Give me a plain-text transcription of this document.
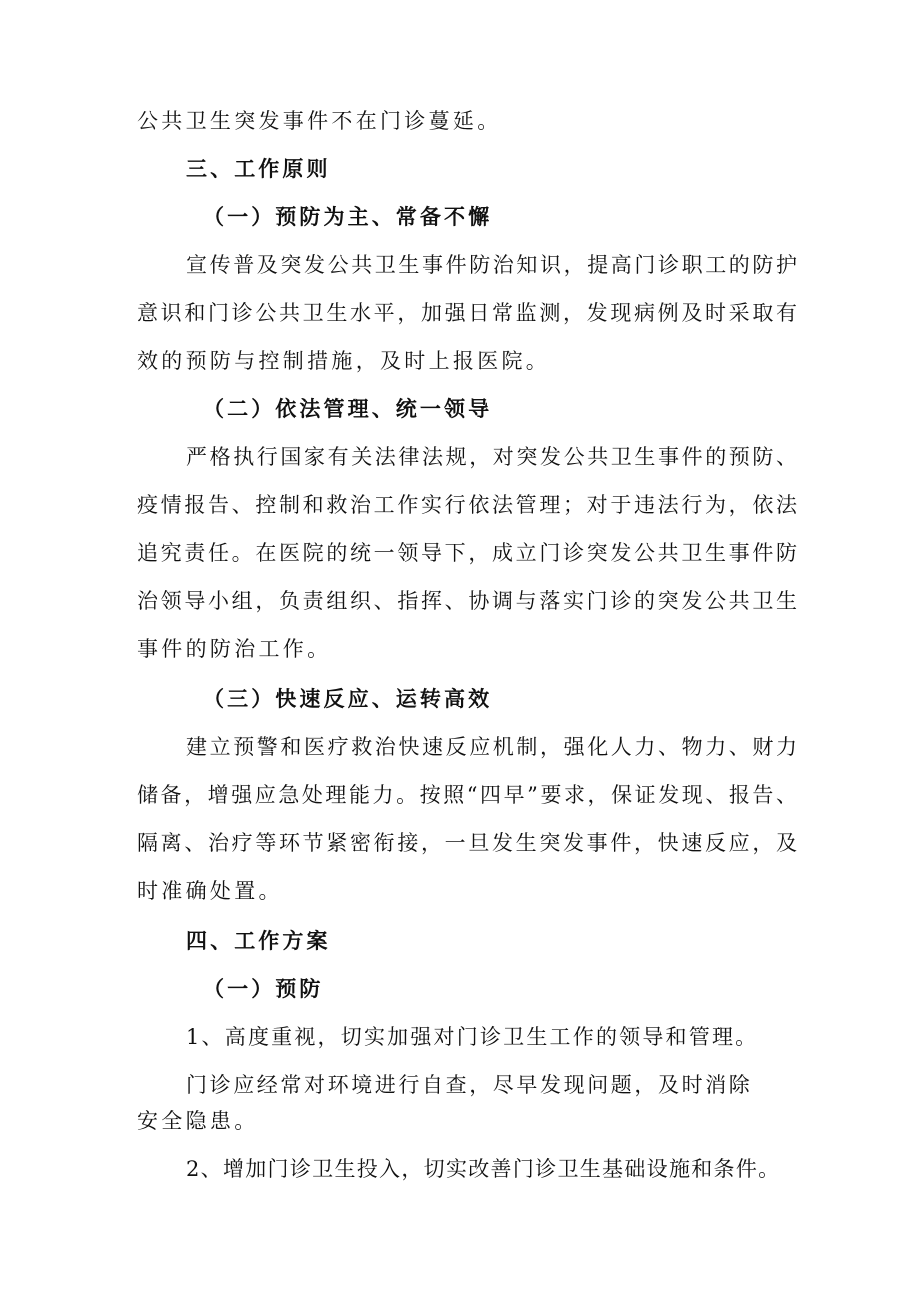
公共卫生突发事件不在门诊蔓延。
三、工作原则
（一）预防为主、常备不懈
宣传普及突发公共卫生事件防治知识，提高门诊职工的防护
意识和门诊公共卫生水平，加强日常监测，发现病例及时采取有
效的预防与控制措施，及时上报医院。
（二）依法管理、统一领导
严格执行国家有关法律法规，对突发公共卫生事件的预防、
疫情报告、控制和救治工作实行依法管理；对于违法行为，依法
追究责任。在医院的统一领导下，成立门诊突发公共卫生事件防
治领导小组，负责组织、指挥、协调与落实门诊的突发公共卫生
事件的防治工作。
（三）快速反应、运转高效
建立预警和医疗救治快速反应机制，强化人力、物力、财力
储备，增强应急处理能力。按照“四早”要求，保证发现、报告、
隔离、治疗等环节紧密衔接，一旦发生突发事件，快速反应，及
时准确处置。
四、工作方案
（一）预防
1、高度重视，切实加强对门诊卫生工作的领导和管理。
门诊应经常对环境进行自查，尽早发现问题，及时消除
安全隐患。
2、增加门诊卫生投入，切实改善门诊卫生基础设施和条件。
